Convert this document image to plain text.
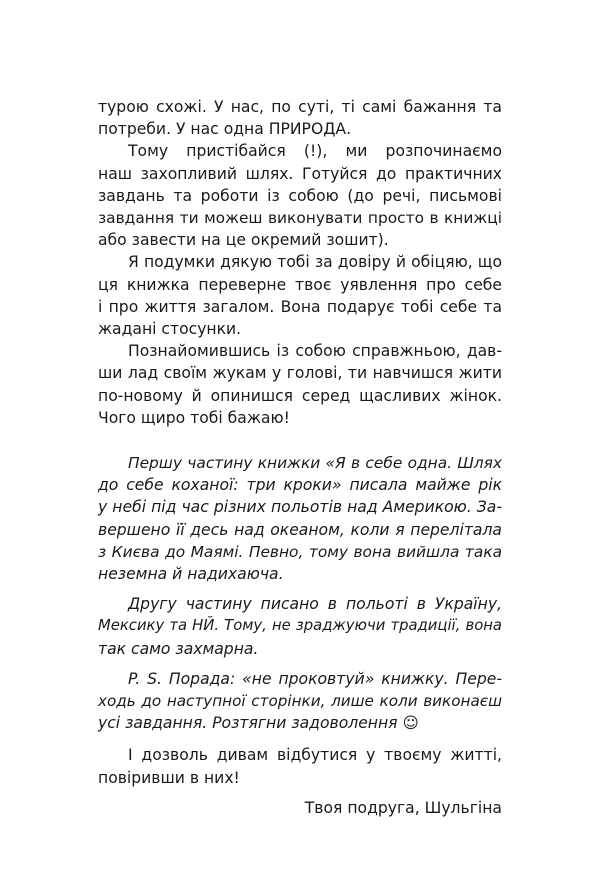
турою схожі. У нас, по суті, ті самі бажання та
потреби. У нас одна ПРИРОДА.
Тому пристібайся (!), ми розпочинаємо
наш захопливий шлях. Готуйся до практичних
завдань та роботи із собою (до речі, письмові
завдання ти можеш виконувати просто в книжці
або завести на це окремий зошит).
Я подумки дякую тобі за довіру й обіцяю, що
ця книжка переверне твоє уявлення про себе
і про життя загалом. Вона подарує тобі себе та
жадані стосунки.
Познайомившись із собою справжньою, дав-
ши лад своїм жукам у голові, ти навчишся жити
по-новому й опинишся серед щасливих жінок.
Чого щиро тобі бажаю!
Першу частину книжки «Я в себе одна. Шлях
до себе коханої: три кроки» писала майже рік
у небі під час різних польотів над Америкою. За-
вершено її десь над океаном, коли я перелітала
з Києва до Маямі. Певно, тому вона вийшла така
неземна й надихаюча.
Другу частину писано в польоті в Україну,
Мексику та НЙ. Тому, не зраджуючи традиції, вона
так само захмарна.
P. S. Порада: «не проковтуй» книжку. Пере-
ходь до наступної сторінки, лише коли виконаєш
усі завдання. Розтягни задоволення ☺
І дозволь дивам відбутися у твоєму житті,
повіривши в них!
Твоя подруга, Шульгіна
